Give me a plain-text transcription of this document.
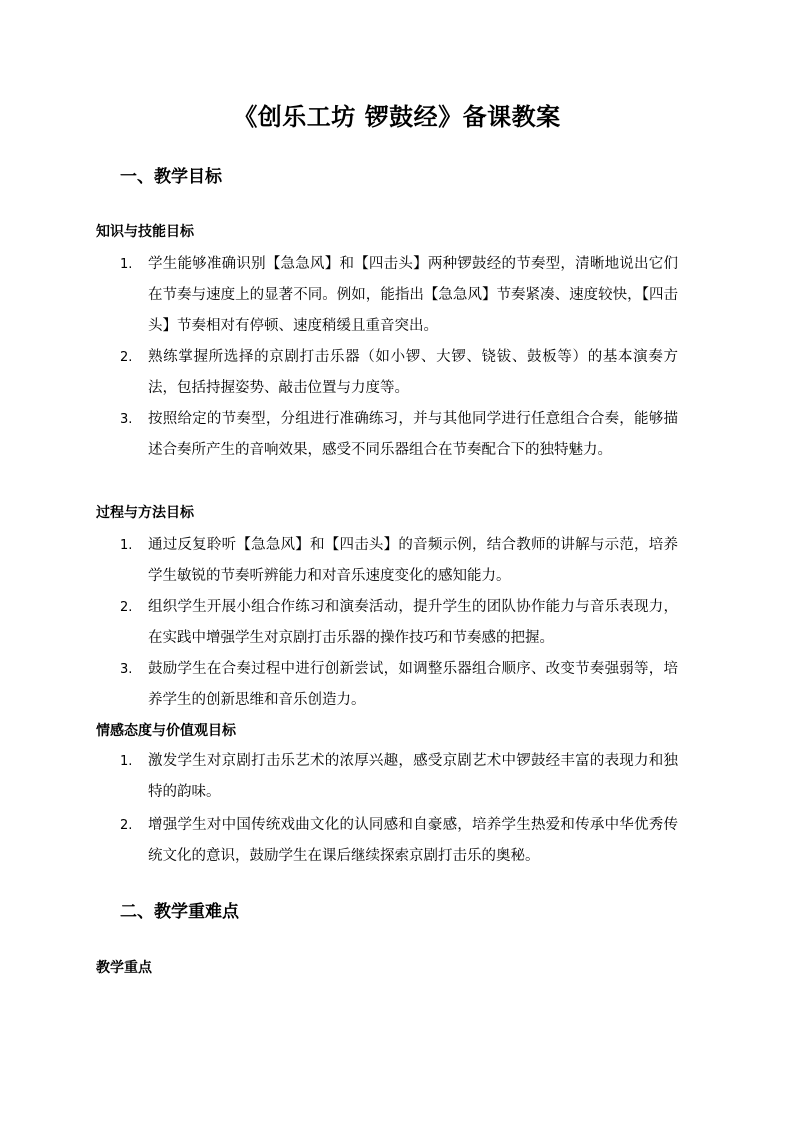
《创乐工坊 锣鼓经》备课教案
一、教学目标
知识与技能目标
1. 学生能够准确识别【急急风】和【四击头】两种锣鼓经的节奏型，清晰地说出它们在节奏与速度上的显著不同。例如，能指出【急急风】节奏紧凑、速度较快，【四击头】节奏相对有停顿、速度稍缓且重音突出。
2. 熟练掌握所选择的京剧打击乐器（如小锣、大锣、铙钹、鼓板等）的基本演奏方法，包括持握姿势、敲击位置与力度等。
3. 按照给定的节奏型，分组进行准确练习，并与其他同学进行任意组合合奏，能够描述合奏所产生的音响效果，感受不同乐器组合在节奏配合下的独特魅力。
过程与方法目标
1. 通过反复聆听【急急风】和【四击头】的音频示例，结合教师的讲解与示范，培养学生敏锐的节奏听辨能力和对音乐速度变化的感知能力。
2. 组织学生开展小组合作练习和演奏活动，提升学生的团队协作能力与音乐表现力，在实践中增强学生对京剧打击乐器的操作技巧和节奏感的把握。
3. 鼓励学生在合奏过程中进行创新尝试，如调整乐器组合顺序、改变节奏强弱等，培养学生的创新思维和音乐创造力。
情感态度与价值观目标
1. 激发学生对京剧打击乐艺术的浓厚兴趣，感受京剧艺术中锣鼓经丰富的表现力和独特的韵味。
2. 增强学生对中国传统戏曲文化的认同感和自豪感，培养学生热爱和传承中华优秀传统文化的意识，鼓励学生在课后继续探索京剧打击乐的奥秘。
二、教学重难点
教学重点
